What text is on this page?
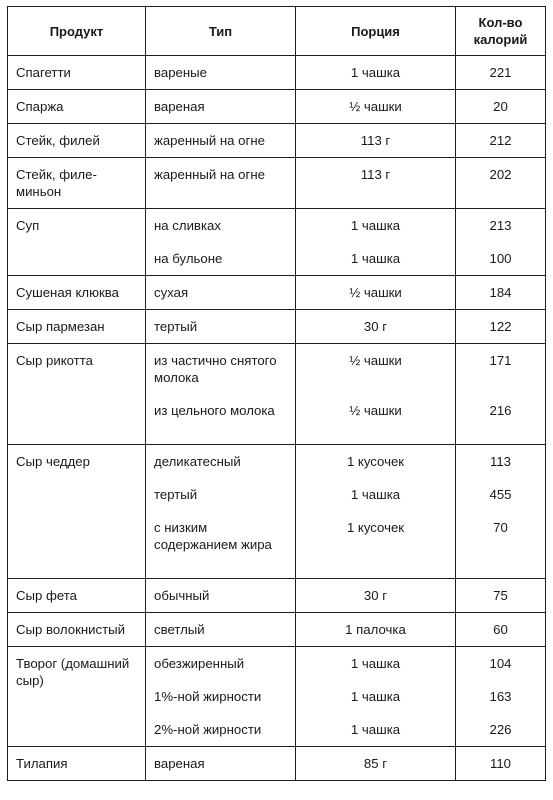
Продукт	Тип	Порция	Кол-во
калорий
Спагетти	вареные	1 чашка	221
Спаржа	вареная	½ чашки	20
Стейк, филей	жаренный на огне	113 г	212
Стейк, филе-миньон	жаренный на огне	113 г	202
Суп	на сливках	1 чашка	213
	на бульоне	1 чашка	100
Сушеная клюква	сухая	½ чашки	184
Сыр пармезан	тертый	30 г	122
Сыр рикотта	из частично снятого молока	½ чашки	171
	из цельного молока	½ чашки	216
Сыр чеддер	деликатесный	1 кусочек	113
	тертый	1 чашка	455
	с низким содержанием жира	1 кусочек	70
Сыр фета	обычный	30 г	75
Сыр волокнистый	светлый	1 палочка	60
Творог (домашний сыр)	обезжиренный	1 чашка	104
	1%-ной жирности	1 чашка	163
	2%-ной жирности	1 чашка	226
Тилапия	вареная	85 г	110
